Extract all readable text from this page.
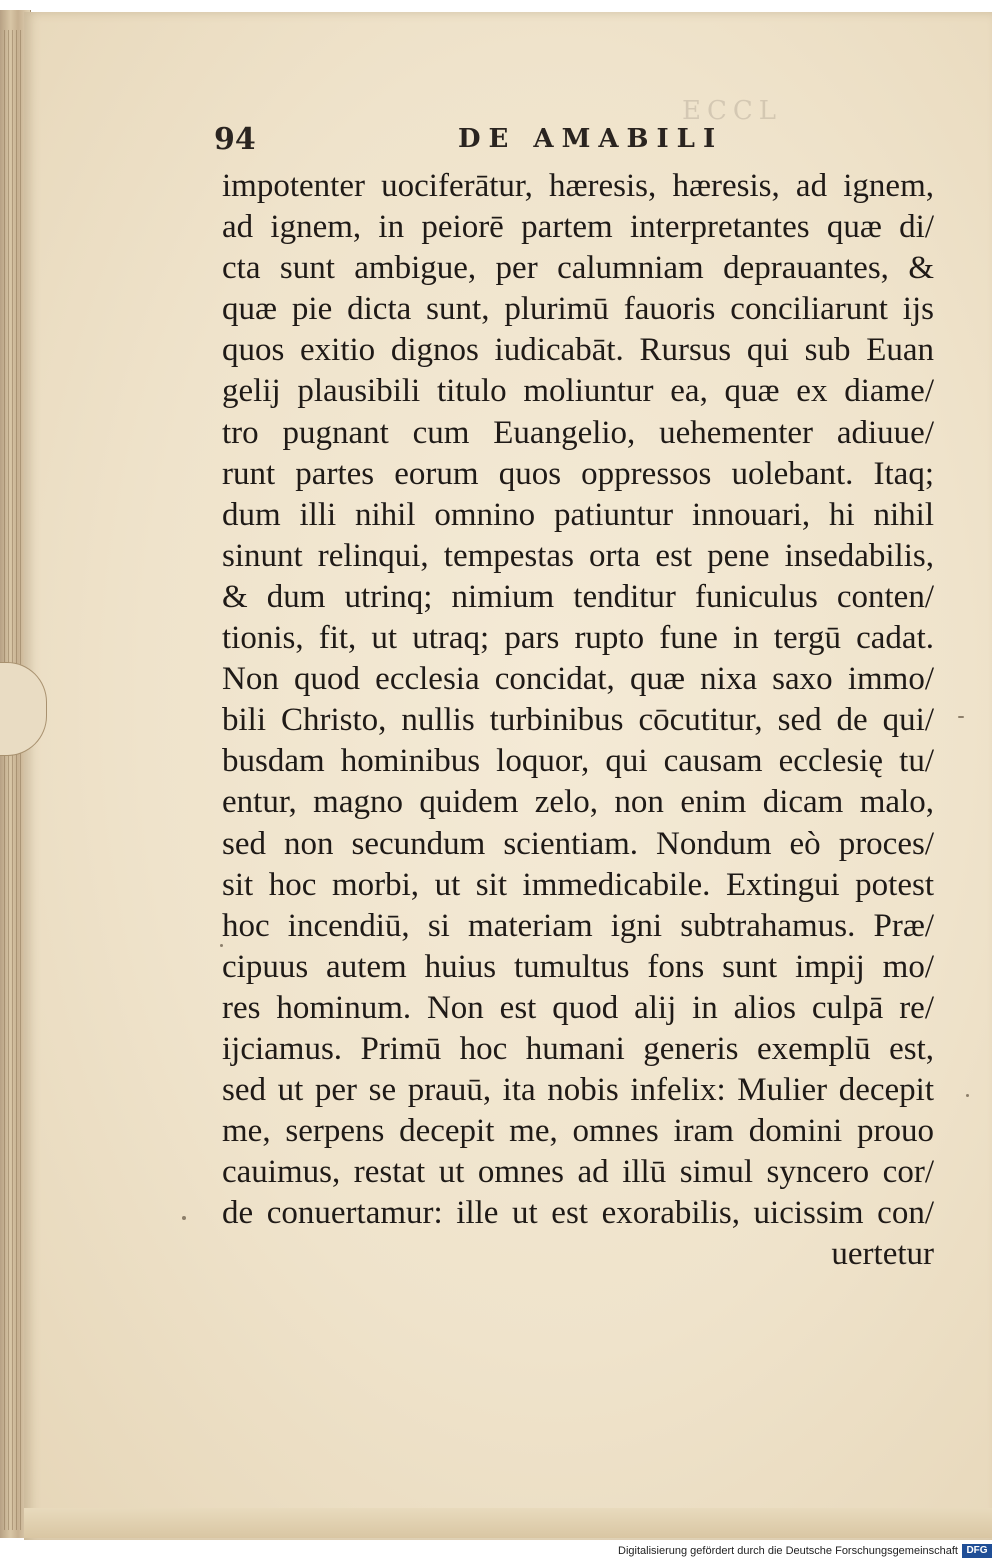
ECCL
94	DE AMABILI
impotenter uociferātur, hæresis, hæresis, ad ignem,
ad ignem, in peiorē partem interpretantes quæ di/
cta sunt ambigue, per calumniam deprauantes, &
quæ pie dicta sunt, plurimū fauoris conciliarunt ijs
quos exitio dignos iudicabāt. Rursus qui sub Euan
gelij plausibili titulo moliuntur ea, quæ ex diame/
tro pugnant cum Euangelio, uehementer adiuue/
runt partes eorum quos oppressos uolebant. Itaq;
dum illi nihil omnino patiuntur innouari, hi nihil
sinunt relinqui, tempestas orta est pene insedabilis,
& dum utrinq; nimium tenditur funiculus conten/
tionis, fit, ut utraq; pars rupto fune in tergū cadat.
Non quod ecclesia concidat, quæ nixa saxo immo/
bili Christo, nullis turbinibus cōcutitur, sed de qui/
busdam hominibus loquor, qui causam ecclesię tu/
entur, magno quidem zelo, non enim dicam malo,
sed non secundum scientiam. Nondum eò proces/
sit hoc morbi, ut sit immedicabile. Extingui potest
hoc incendiū, si materiam igni subtrahamus. Præ/
cipuus autem huius tumultus fons sunt impij mo/
res hominum. Non est quod alij in alios culpā re/
ijciamus. Primū hoc humani generis exemplū est,
sed ut per se prauū, ita nobis infelix: Mulier decepit
me, serpens decepit me, omnes iram domini prouo
cauimus, restat ut omnes ad illū simul syncero cor/
de conuertamur: ille ut est exorabilis, uicissim con/
uertetur
Digitalisierung gefördert durch die Deutsche Forschungsgemeinschaft DFG
